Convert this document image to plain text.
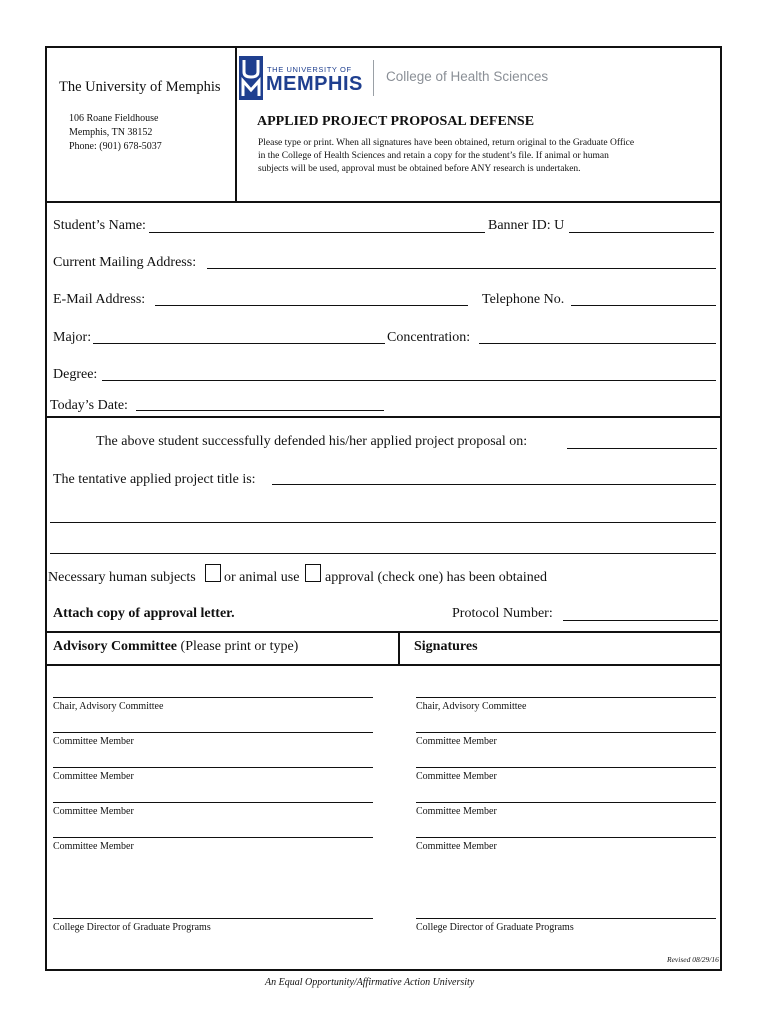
The University of Memphis
106 Roane Fieldhouse
Memphis, TN 38152
Phone: (901) 678-5037
THE UNIVERSITY OF
MEMPHIS College of Health Sciences
APPLIED PROJECT PROPOSAL DEFENSE
Please type or print. When all signatures have been obtained, return original to the Graduate Office
in the College of Health Sciences and retain a copy for the student’s file. If animal or human
subjects will be used, approval must be obtained before ANY research is undertaken.
Student’s Name:	Banner ID: U
Current Mailing Address:
E-Mail Address:	Telephone No.
Major:	Concentration:
Degree:
Today’s Date:
The above student successfully defended his/her applied project proposal on:
The tentative applied project title is:
Necessary human subjects or animal use approval (check one) has been obtained
Attach copy of approval letter.	Protocol Number:
Advisory Committee (Please print or type)	Signatures
Chair, Advisory Committee	Chair, Advisory Committee
Committee Member	Committee Member
Committee Member	Committee Member
Committee Member	Committee Member
Committee Member	Committee Member
College Director of Graduate Programs	College Director of Graduate Programs
Revised 08/29/16
An Equal Opportunity/Affirmative Action University
